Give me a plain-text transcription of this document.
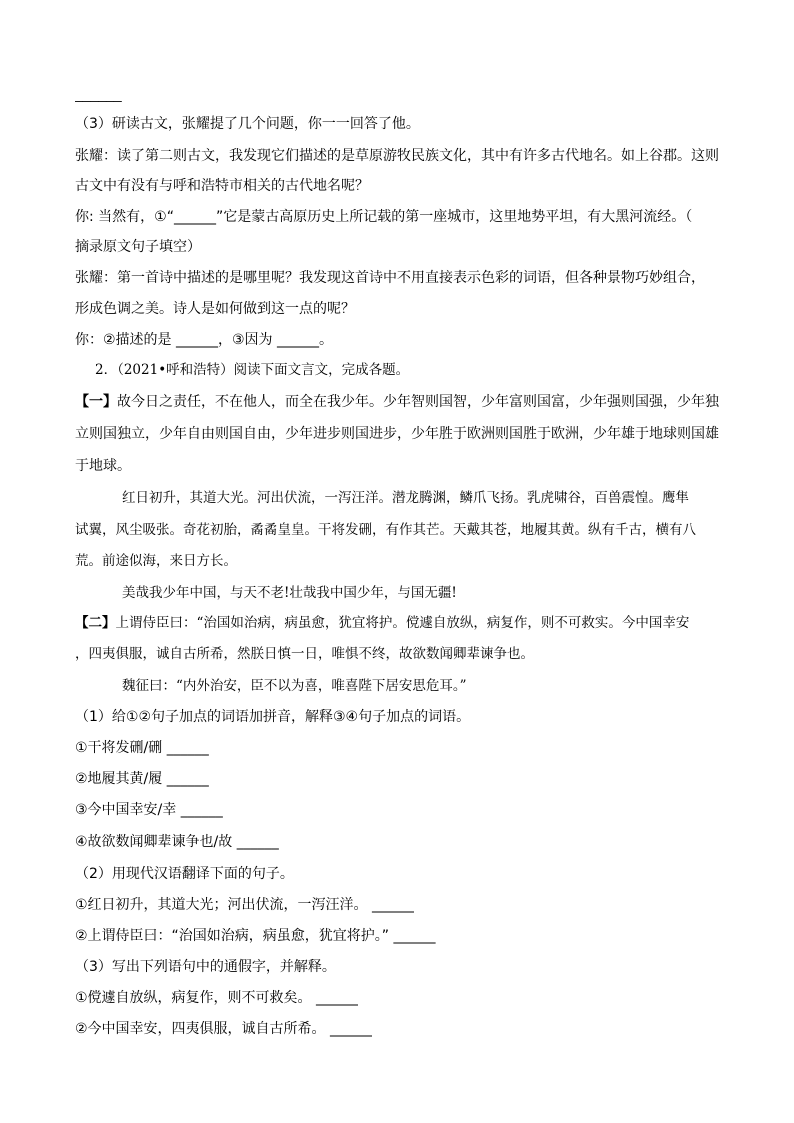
______
（3）研读古文，张耀提了几个问题，你一一回答了他。
张耀：读了第二则古文，我发现它们描述的是草原游牧民族文化，其中有许多古代地名。如上谷郡。这则
古文中有没有与呼和浩特市相关的古代地名呢？
你: 当然有，①“______”它是蒙古高原历史上所记载的第一座城市，这里地势平坦，有大黑河流经。（
摘录原文句子填空）
张耀：第一首诗中描述的是哪里呢？我发现这首诗中不用直接表示色彩的词语，但各种景物巧妙组合，
形成色调之美。诗人是如何做到这一点的呢？
你：②描述的是 ______，③因为 ______。
2．（2021•呼和浩特）阅读下面文言文，完成各题。
【一】故今日之责任，不在他人，而全在我少年。少年智则国智，少年富则国富，少年强则国强，少年独
立则国独立，少年自由则国自由，少年进步则国进步，少年胜于欧洲则国胜于欧洲，少年雄于地球则国雄
于地球。
红日初升，其道大光。河出伏流，一泻汪洋。潜龙腾渊，鳞爪飞扬。乳虎啸谷，百兽震惶。鹰隼
试翼，风尘吸张。奇花初胎，矞矞皇皇。干将发硎，有作其芒。天戴其苍，地履其黄。纵有千古，横有八
荒。前途似海，来日方长。
美哉我少年中国，与天不老!壮哉我中国少年，与国无疆!
【二】上谓侍臣曰：“治国如治病，病虽愈，犹宜将护。傥遽自放纵，病复作，则不可救实。今中国幸安
，四夷俱服，诚自古所希，然朕日慎一日，唯惧不终，故欲数闻卿辈谏争也。
魏征曰：“内外治安，臣不以为喜，唯喜陛下居安思危耳。”
（1）给①②句子加点的词语加拼音，解释③④句子加点的词语。
①干将发硎/硎 ______
②地履其黄/履 ______
③今中国幸安/幸 ______
④故欲数闻卿辈谏争也/故 ______
（2）用现代汉语翻译下面的句子。
①红日初升，其道大光；河出伏流，一泻汪洋。 ______
②上谓侍臣曰：“治国如治病，病虽愈，犹宜将护。” ______
（3）写出下列语句中的通假字，并解释。
①傥遽自放纵，病复作，则不可救矣。 ______
②今中国幸安，四夷俱服，诚自古所希。 ______
